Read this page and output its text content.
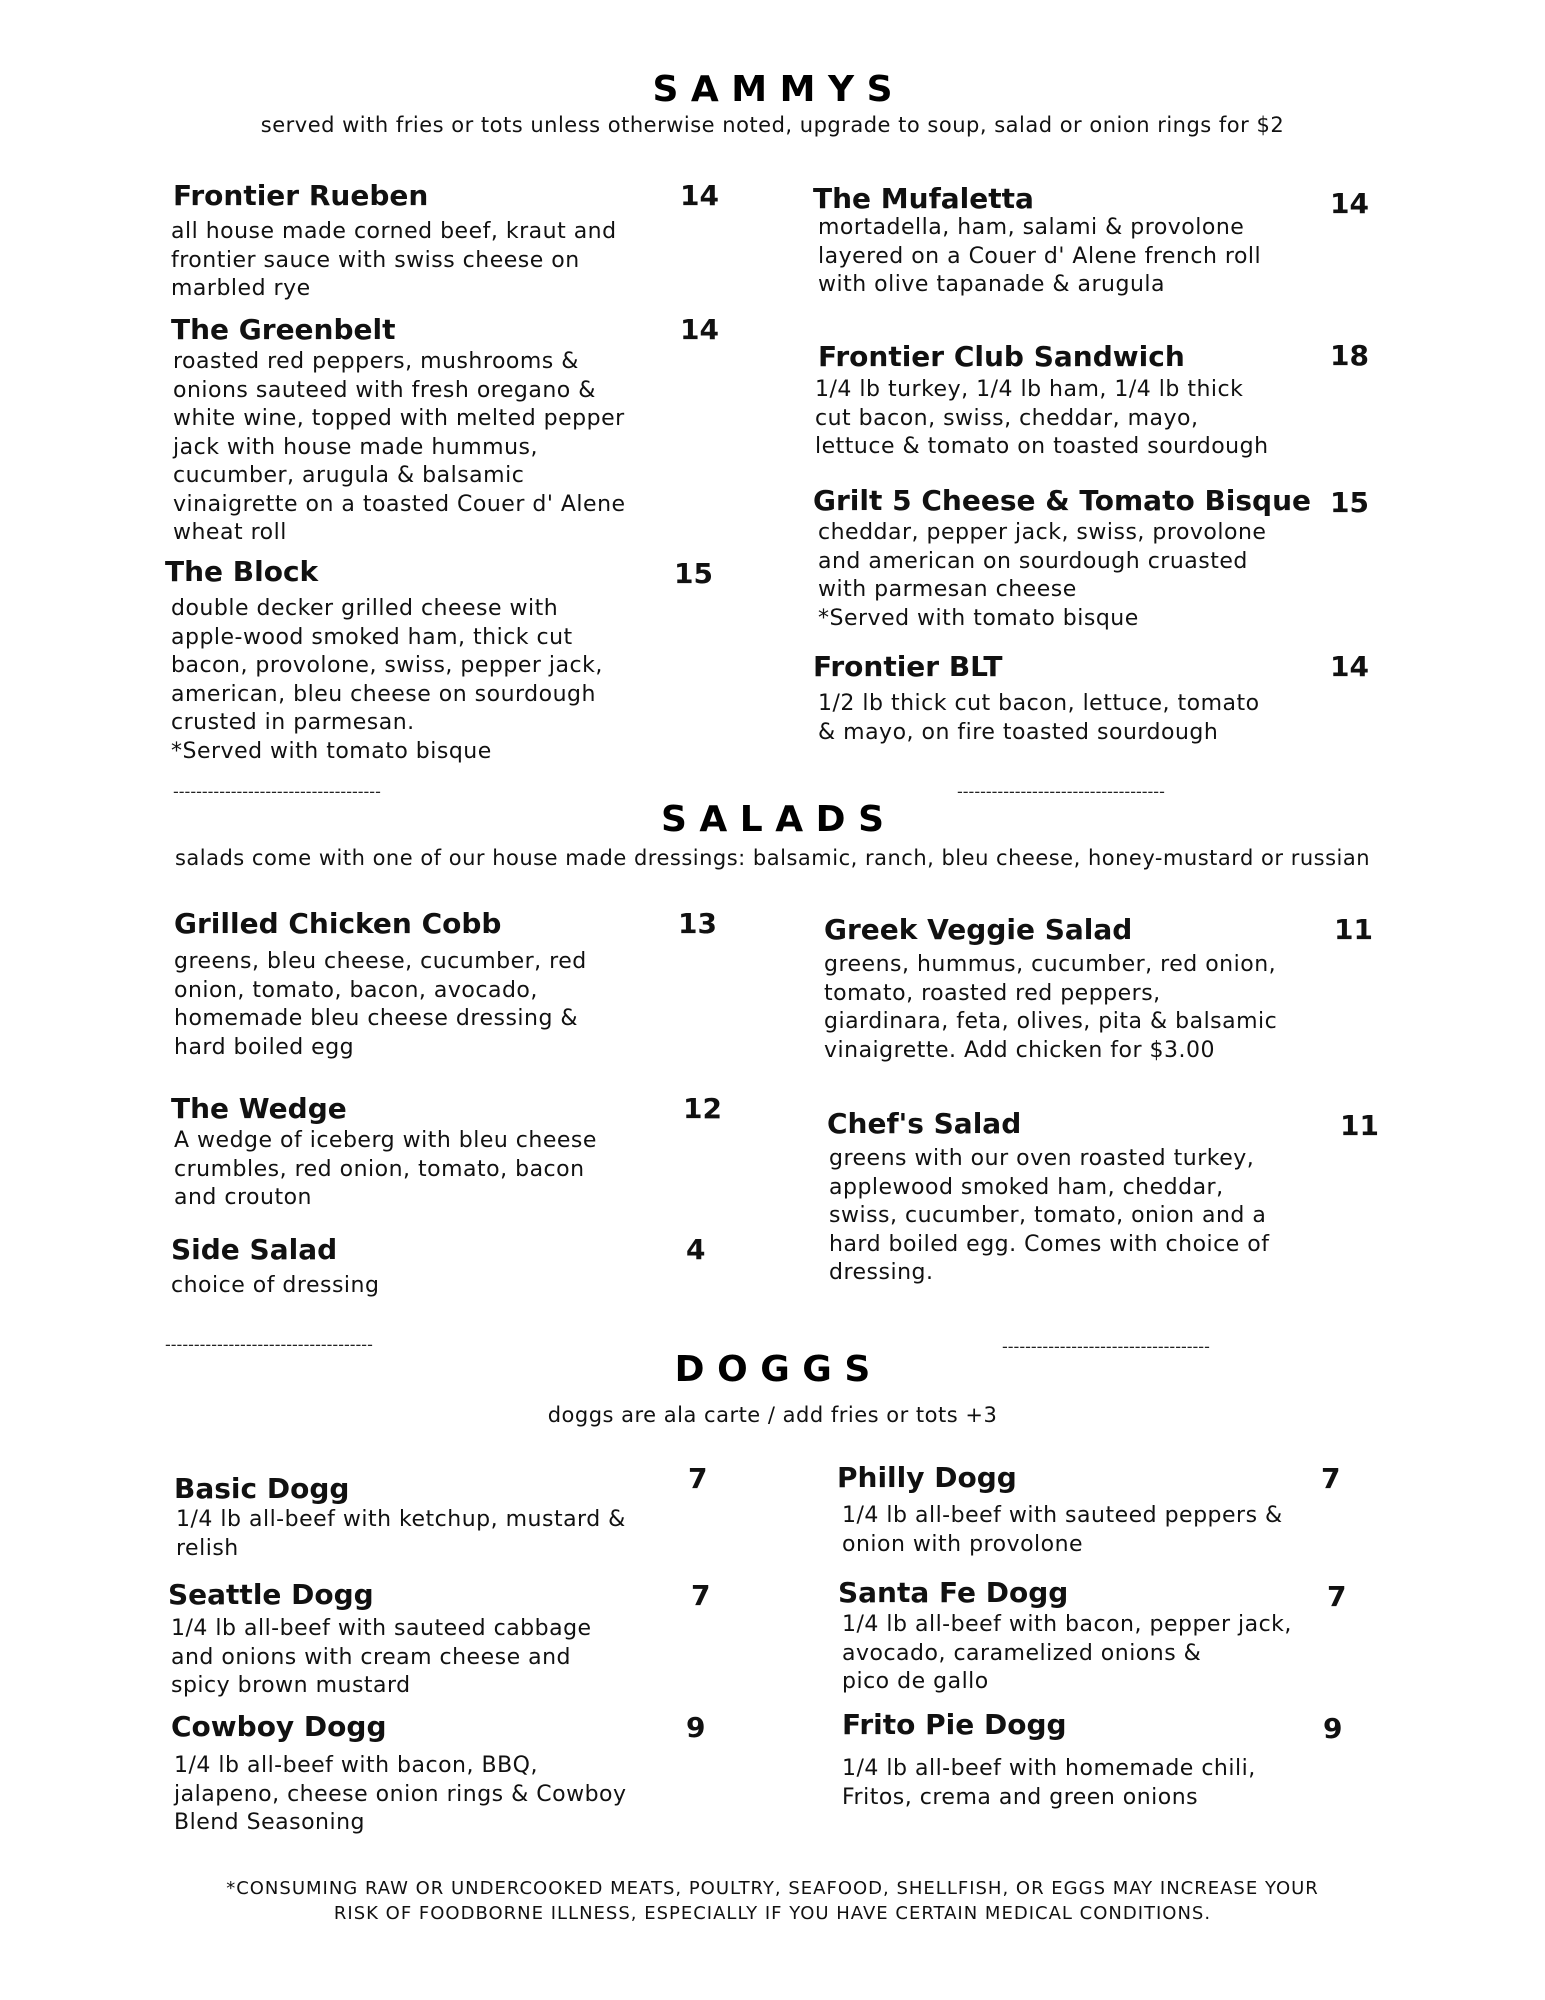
S A M M Y S

served with fries or tots unless otherwise noted, upgrade to soup, salad or onion rings for $2

Frontier Rueben	14

all house made corned beef, kraut and
frontier sauce with swiss cheese on
marbled rye

The Greenbelt	14

roasted red peppers, mushrooms &
onions sauteed with fresh oregano &
white wine, topped with melted pepper
jack with house made hummus,
cucumber, arugula & balsamic
vinaigrette on a toasted Couer d' Alene
wheat roll

The Block	15

double decker grilled cheese with
apple-wood smoked ham, thick cut
bacon, provolone, swiss, pepper jack,
american, bleu cheese on sourdough
crusted in parmesan.
*Served with tomato bisque

The Mufaletta	14

mortadella, ham, salami & provolone
layered on a Couer d' Alene french roll
with olive tapanade & arugula

Frontier Club Sandwich	18

1/4 lb turkey, 1/4 lb ham, 1/4 lb thick
cut bacon, swiss, cheddar, mayo,
lettuce & tomato on toasted sourdough

Grilt 5 Cheese & Tomato Bisque 15

cheddar, pepper jack, swiss, provolone
and american on sourdough cruasted
with parmesan cheese
*Served with tomato bisque

Frontier BLT	14

1/2 lb thick cut bacon, lettuce, tomato
& mayo, on fire toasted sourdough

------------------------------------	------------------------------------
S A L A D S

salads come with one of our house made dressings: balsamic, ranch, bleu cheese, honey-mustard or russian

Grilled Chicken Cobb	13

greens, bleu cheese, cucumber, red
onion, tomato, bacon, avocado,
homemade bleu cheese dressing &
hard boiled egg

The Wedge	12

A wedge of iceberg with bleu cheese
crumbles, red onion, tomato, bacon
and crouton

Side Salad	4

choice of dressing

Greek Veggie Salad	11

greens, hummus, cucumber, red onion,
tomato, roasted red peppers,
giardinara, feta, olives, pita & balsamic
vinaigrette. Add chicken for $3.00

Chef's Salad	11

greens with our oven roasted turkey,
applewood smoked ham, cheddar,
swiss, cucumber, tomato, onion and a
hard boiled egg. Comes with choice of
dressing.

------------------------------------	------------------------------------
D O G G S

doggs are ala carte / add fries or tots +3

Basic Dogg	7

1/4 lb all-beef with ketchup, mustard &
relish

Seattle Dogg	7

1/4 lb all-beef with sauteed cabbage
and onions with cream cheese and
spicy brown mustard

Cowboy Dogg	9

1/4 lb all-beef with bacon, BBQ,
jalapeno, cheese onion rings & Cowboy
Blend Seasoning

Philly Dogg	7

1/4 lb all-beef with sauteed peppers &
onion with provolone

Santa Fe Dogg	7

1/4 lb all-beef with bacon, pepper jack,
avocado, caramelized onions &
pico de gallo

Frito Pie Dogg	9

1/4 lb all-beef with homemade chili,
Fritos, crema and green onions

*CONSUMING RAW OR UNDERCOOKED MEATS, POULTRY, SEAFOOD, SHELLFISH, OR EGGS MAY INCREASE YOUR
RISK OF FOODBORNE ILLNESS, ESPECIALLY IF YOU HAVE CERTAIN MEDICAL CONDITIONS.
